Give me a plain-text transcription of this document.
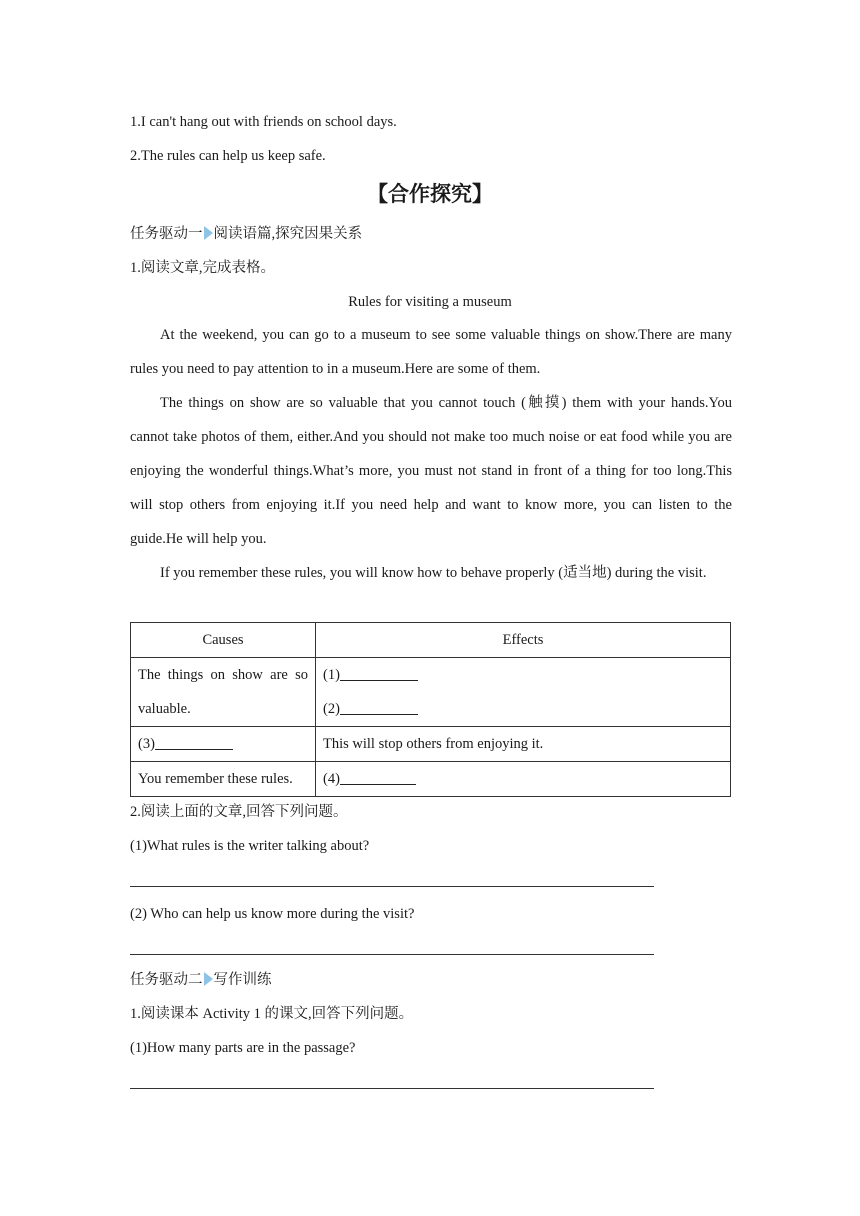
1.I can't hang out with friends on school days.
2.The rules can help us keep safe.
【合作探究】
任务驱动一 阅读语篇,探究因果关系
1.阅读文章,完成表格。
Rules for visiting a museum
At the weekend, you can go to a museum to see some valuable things on show.There are many rules you need to pay attention to in a museum.Here are some of them.
The things on show are so valuable that you cannot touch (触摸) them with your hands.You cannot take photos of them, either.And you should not make too much noise or eat food while you are enjoying the wonderful things.What’s more, you must not stand in front of a thing for too long.This will stop others from enjoying it.If you need help and want to know more, you can listen to the guide.He will help you.
If you remember these rules, you will know how to behave properly (适当地) during the visit.
Causes	Effects
The things on show are so valuable.	(1)
(2)

(3)	This will stop others from enjoying it.
You remember these rules.	(4)
2.阅读上面的文章,回答下列问题。
(1)What rules is the writer talking about?
(2) Who can help us know more during the visit?
任务驱动二 写作训练
1.阅读课本 Activity 1 的课文,回答下列问题。
(1)How many parts are in the passage?
